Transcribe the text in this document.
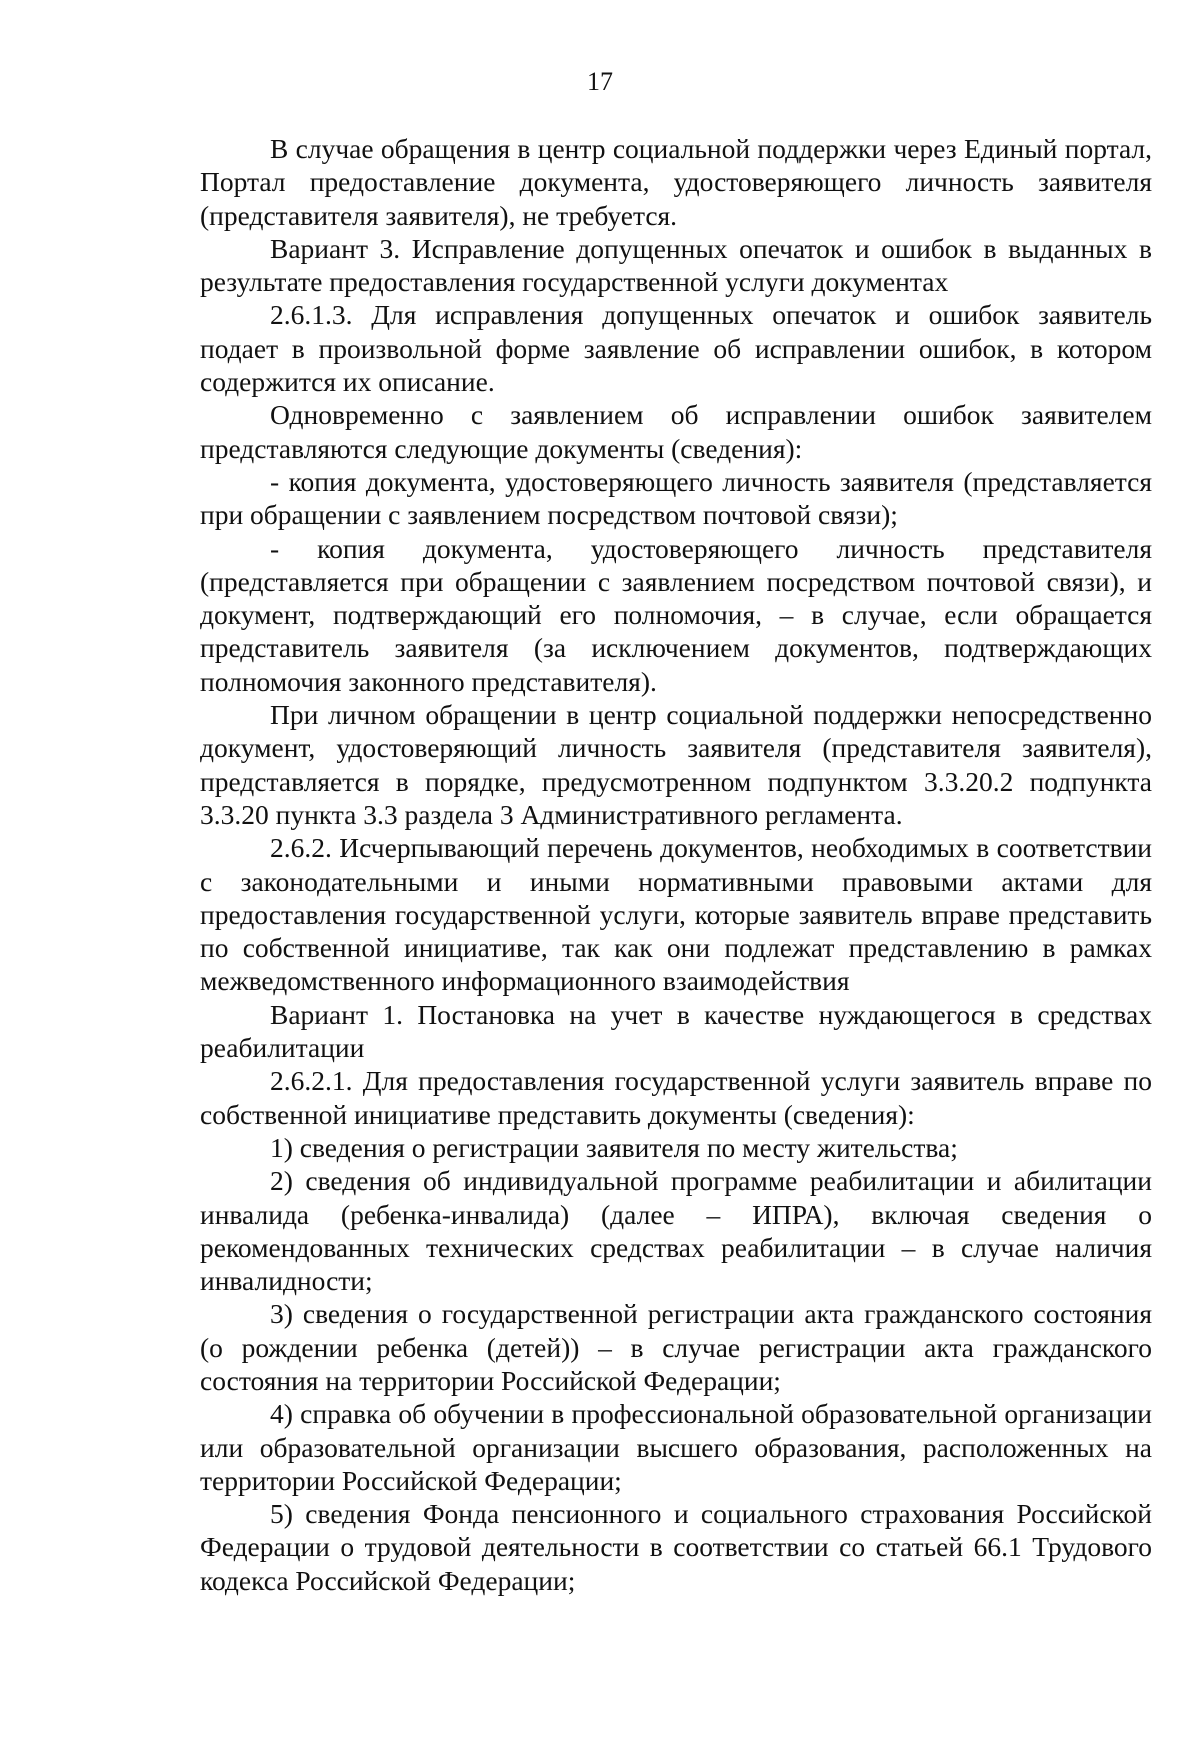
17

В случае обращения в центр социальной поддержки через Единый портал, Портал предоставление документа, удостоверяющего личность заявителя (представителя заявителя), не требуется.

Вариант 3. Исправление допущенных опечаток и ошибок в выданных в результате предоставления государственной услуги документах

2.6.1.3. Для исправления допущенных опечаток и ошибок заявитель подает в произвольной форме заявление об исправлении ошибок, в котором содержится их описание.

Одновременно с заявлением об исправлении ошибок заявителем представляются следующие документы (сведения):

- копия документа, удостоверяющего личность заявителя (представляется при обращении с заявлением посредством почтовой связи);

- копия документа, удостоверяющего личность представителя (представляется при обращении с заявлением посредством почтовой связи), и документ, подтверждающий его полномочия, – в случае, если обращается представитель заявителя (за исключением документов, подтверждающих полномочия законного представителя).

При личном обращении в центр социальной поддержки непосредственно документ, удостоверяющий личность заявителя (представителя заявителя), представляется в порядке, предусмотренном подпунктом 3.3.20.2 подпункта 3.3.20 пункта 3.3 раздела 3 Административного регламента.

2.6.2. Исчерпывающий перечень документов, необходимых в соответствии с законодательными и иными нормативными правовыми актами для предоставления государственной услуги, которые заявитель вправе представить по собственной инициативе, так как они подлежат представлению в рамках межведомственного информационного взаимодействия

Вариант 1. Постановка на учет в качестве нуждающегося в средствах реабилитации

2.6.2.1. Для предоставления государственной услуги заявитель вправе по собственной инициативе представить документы (сведения):

1) сведения о регистрации заявителя по месту жительства;

2) сведения об индивидуальной программе реабилитации и абилитации инвалида (ребенка-инвалида) (далее – ИПРА), включая сведения о рекомендованных технических средствах реабилитации – в случае наличия инвалидности;

3) сведения о государственной регистрации акта гражданского состояния (о рождении ребенка (детей)) – в случае регистрации акта гражданского состояния на территории Российской Федерации;

4) справка об обучении в профессиональной образовательной организации или образовательной организации высшего образования, расположенных на территории Российской Федерации;

5) сведения Фонда пенсионного и социального страхования Российской Федерации о трудовой деятельности в соответствии со статьей 66.1 Трудового кодекса Российской Федерации;
